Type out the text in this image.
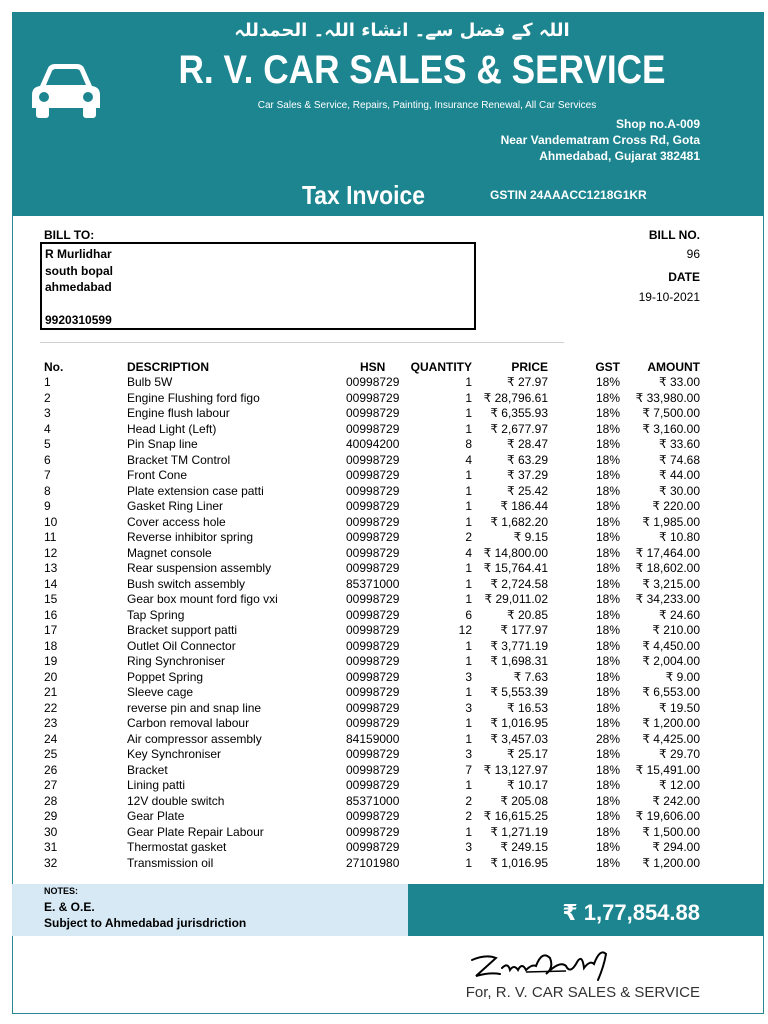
اللہ کے فضل سے۔ انشاء اللہ۔ الحمدللہ
R. V. CAR SALES & SERVICE
Car Sales & Service, Repairs, Painting, Insurance Renewal, All Car Services
Shop no.A-009
Near Vandematram Cross Rd, Gota
Ahmedabad, Gujarat 382481
Tax Invoice	GSTIN 24AAACC1218G1KR
BILL TO:
R Murlidhar
south bopal
ahmedabad
9920310599
BILL NO.
96
DATE
19-10-2021
No.	DESCRIPTION	HSN QUANTITY	PRICE	GST AMOUNT
1	Bulb 5W	00998729	1	₹ 27.97	18%	₹ 33.00
2	Engine Flushing ford figo	00998729	1 ₹ 28,796.61	18% ₹ 33,980.00
3	Engine flush labour	00998729	1 ₹ 6,355.93	18% ₹ 7,500.00
4	Head Light (Left)	00998729	1 ₹ 2,677.97	18% ₹ 3,160.00
5	Pin Snap line	40094200	8	₹ 28.47	18%	₹ 33.60
6	Bracket TM Control	00998729	4	₹ 63.29	18%	₹ 74.68
7	Front Cone	00998729	1	₹ 37.29	18%	₹ 44.00
8	Plate extension case patti	00998729	1	₹ 25.42	18%	₹ 30.00
9	Gasket Ring Liner	00998729	1 ₹ 186.44	18%	₹ 220.00
10	Cover access hole	00998729	1 ₹ 1,682.20	18% ₹ 1,985.00
11	Reverse inhibitor spring	00998729	2	₹ 9.15	18%	₹ 10.80
12	Magnet console	00998729	4 ₹ 14,800.00	18% ₹ 17,464.00
13	Rear suspension assembly	00998729	1 ₹ 15,764.41	18% ₹ 18,602.00
14	Bush switch assembly	85371000	1 ₹ 2,724.58	18% ₹ 3,215.00
15	Gear box mount ford figo vxi	00998729	1 ₹ 29,011.02	18% ₹ 34,233.00
16	Tap Spring	00998729	6	₹ 20.85	18%	₹ 24.60
17	Bracket support patti	00998729	12 ₹ 177.97	18%	₹ 210.00
18	Outlet Oil Connector	00998729	1 ₹ 3,771.19	18% ₹ 4,450.00
19	Ring Synchroniser	00998729	1 ₹ 1,698.31	18% ₹ 2,004.00
20	Poppet Spring	00998729	3	₹ 7.63	18%	₹ 9.00
21	Sleeve cage	00998729	1 ₹ 5,553.39	18% ₹ 6,553.00
22	reverse pin and snap line	00998729	3	₹ 16.53	18%	₹ 19.50
23	Carbon removal labour	00998729	1 ₹ 1,016.95	18% ₹ 1,200.00
24	Air compressor assembly	84159000	1 ₹ 3,457.03	28% ₹ 4,425.00
25	Key Synchroniser	00998729	3	₹ 25.17	18%	₹ 29.70
26	Bracket	00998729	7 ₹ 13,127.97	18% ₹ 15,491.00
27	Lining patti	00998729	1	₹ 10.17	18%	₹ 12.00
28	12V double switch	85371000	2 ₹ 205.08	18%	₹ 242.00
29	Gear Plate	00998729	2 ₹ 16,615.25	18% ₹ 19,606.00
30	Gear Plate Repair Labour	00998729	1 ₹ 1,271.19	18% ₹ 1,500.00
31	Thermostat gasket	00998729	3 ₹ 249.15	18%	₹ 294.00
32	Transmission oil	27101980	1 ₹ 1,016.95	18% ₹ 1,200.00
NOTES:
E. & O.E.
Subject to Ahmedabad jurisdriction	₹ 1,77,854.88
For, R. V. CAR SALES & SERVICE
